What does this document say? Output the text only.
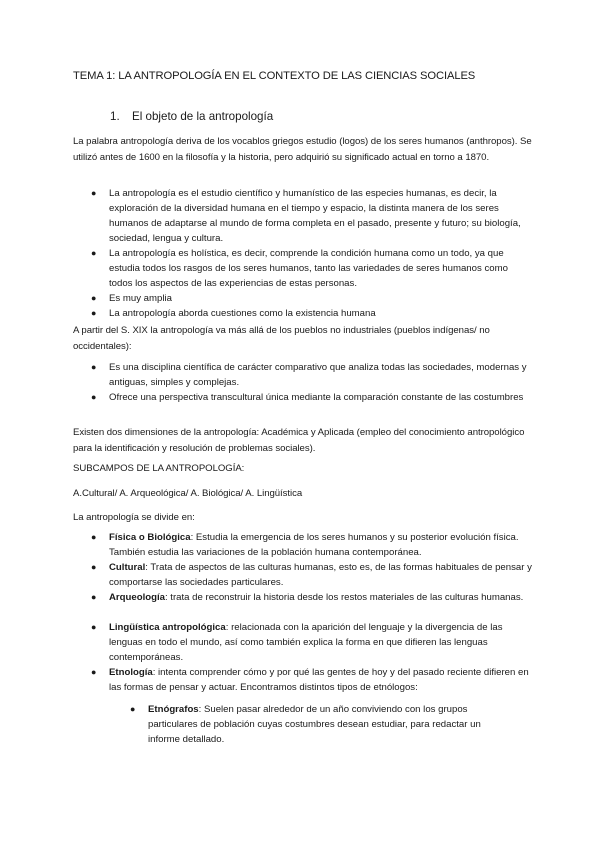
TEMA 1: LA ANTROPOLOGÍA EN EL CONTEXTO DE LAS CIENCIAS SOCIALES
1. El objeto de la antropología

La palabra antropología deriva de los vocablos griegos estudio (logos) de los seres humanos (anthropos). Se utilizó antes de 1600 en la filosofía y la historia, pero adquirió su significado actual en torno a 1870.

● La antropología es el estudio científico y humanístico de las especies humanas, es decir, la exploración de la diversidad humana en el tiempo y espacio, la distinta manera de los seres humanos de adaptarse al mundo de forma completa en el pasado, presente y futuro; su biología, sociedad, lengua y cultura.
● La antropología es holística, es decir, comprende la condición humana como un todo, ya que estudia todos los rasgos de los seres humanos, tanto las variedades de seres humanos como todos los aspectos de las experiencias de estas personas.
● Es muy amplia
● La antropología aborda cuestiones como la existencia humana

A partir del S. XIX la antropología va más allá de los pueblos no industriales (pueblos indígenas/ no occidentales):

● Es una disciplina científica de carácter comparativo que analiza todas las sociedades, modernas y antiguas, simples y complejas.
● Ofrece una perspectiva transcultural única mediante la comparación constante de las costumbres

Existen dos dimensiones de la antropología: Académica y Aplicada (empleo del conocimiento antropológico para la identificación y resolución de problemas sociales).

SUBCAMPOS DE LA ANTROPOLOGÍA:

A.Cultural/ A. Arqueológica/ A. Biológica/ A. Lingüística

La antropología se divide en:

● Física o Biológica: Estudia la emergencia de los seres humanos y su posterior evolución física. También estudia las variaciones de la población humana contemporánea.
● Cultural: Trata de aspectos de las culturas humanas, esto es, de las formas habituales de pensar y comportarse las sociedades particulares.
● Arqueología: trata de reconstruir la historia desde los restos materiales de las culturas humanas.
● Lingüística antropológica: relacionada con la aparición del lenguaje y la divergencia de las lenguas en todo el mundo, así como también explica la forma en que difieren las lenguas contemporáneas.
● Etnología: intenta comprender cómo y por qué las gentes de hoy y del pasado reciente difieren en las formas de pensar y actuar. Encontramos distintos tipos de etnólogos:
● Etnógrafos: Suelen pasar alrededor de un año conviviendo con los grupos particulares de población cuyas costumbres desean estudiar, para redactar un informe detallado.
